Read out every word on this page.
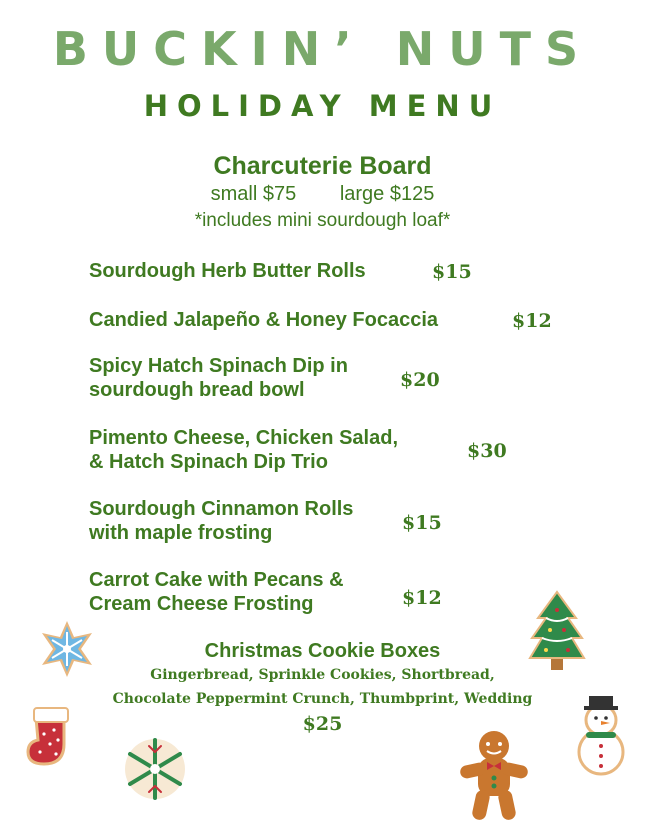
BUCKIN’ NUTS
HOLIDAY MENU
Charcuterie Board
small $75 large $125
*includes mini sourdough loaf*
Sourdough Herb Butter Rolls	$15
Candied Jalapeño & Honey Focaccia	$12
Spicy Hatch Spinach Dip in
sourdough bread bowl	$20
Pimento Cheese, Chicken Salad,
& Hatch Spinach Dip Trio	$30
Sourdough Cinnamon Rolls
with maple frosting	$15
Carrot Cake with Pecans &
Cream Cheese Frosting	$12
Christmas Cookie Boxes
Gingerbread, Sprinkle Cookies, Shortbread,
Chocolate Peppermint Crunch, Thumbprint, Wedding
$25
